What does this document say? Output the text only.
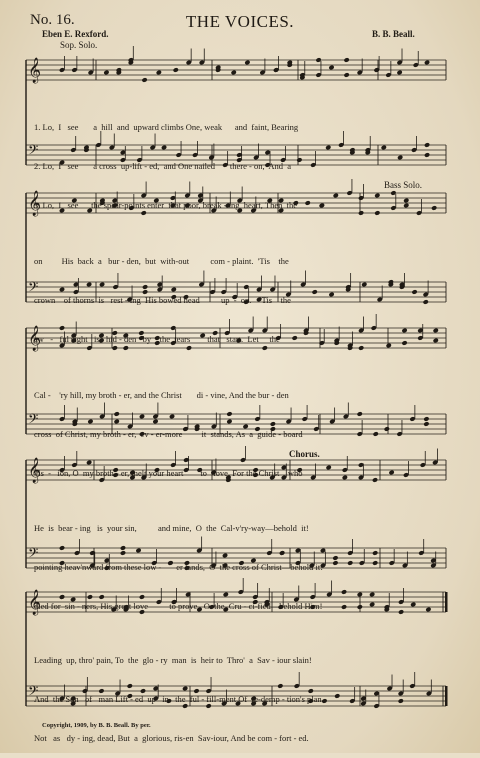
𝄞
𝄢
𝄞
𝄢
𝄞
𝄢
𝄞
𝄢
𝄞
𝄢
No. 16.	THE VOICES.
Eben E. Rexford.	B. B. Beall.
Sop. Solo.
Bass Solo.
Chorus.

1. Lo,  I   see       a  hill  and  upward climbs One, weak      and  faint, Bearing

2. Lo,  I   see       a cross  up-lift - ed,  and One nailed       there - on,  And  a

3. Lo,  I   see      the spear-points enter  that poor, break - ing  heart, Then  the

on         His  back  a   bur - den,  but  with-out          com - plaint.  'Tis    the

crown    of thorns  is   rest - ing  His bowed head          up  -  on.    'Tis    the

aw   -   ful sight   is   hid - den   by    the  tears        that   start.  Let     the

Cal -    'ry hill, my broth - er, and the Christ       di - vine, And the bur - den

cross  of Christ, my broth - er,  ev - er-more         it  stands, As  a  guide - board

vis  -   ion, O  my broth - er, melt your heart        to   love, For the Christ    who

He  is  bear - ing   is  your sin,          and mine,  O  the  Cal-v'ry-way—behold  it!

pointing heav'nward from these low -       er lands,  O  the cross of Christ—behold it!

died for  sin - ners, His great love          to prove,  O  the  Cru - ci-fied—behold Him!

Leading  up, thro' pain, To  the  glo - ry  man  is  heir to  Thro'  a  Sav - iour slain!

And  the Son   of   man Lift - ed  up   in   the  ful - fill-ment Of  re-demp - tion's plan.

Not   as   dy - ing, dead, But  a  glorious, ris-en  Sav-iour, And be com - fort - ed.

Copyright, 1909, by B. B. Beall. By per.
